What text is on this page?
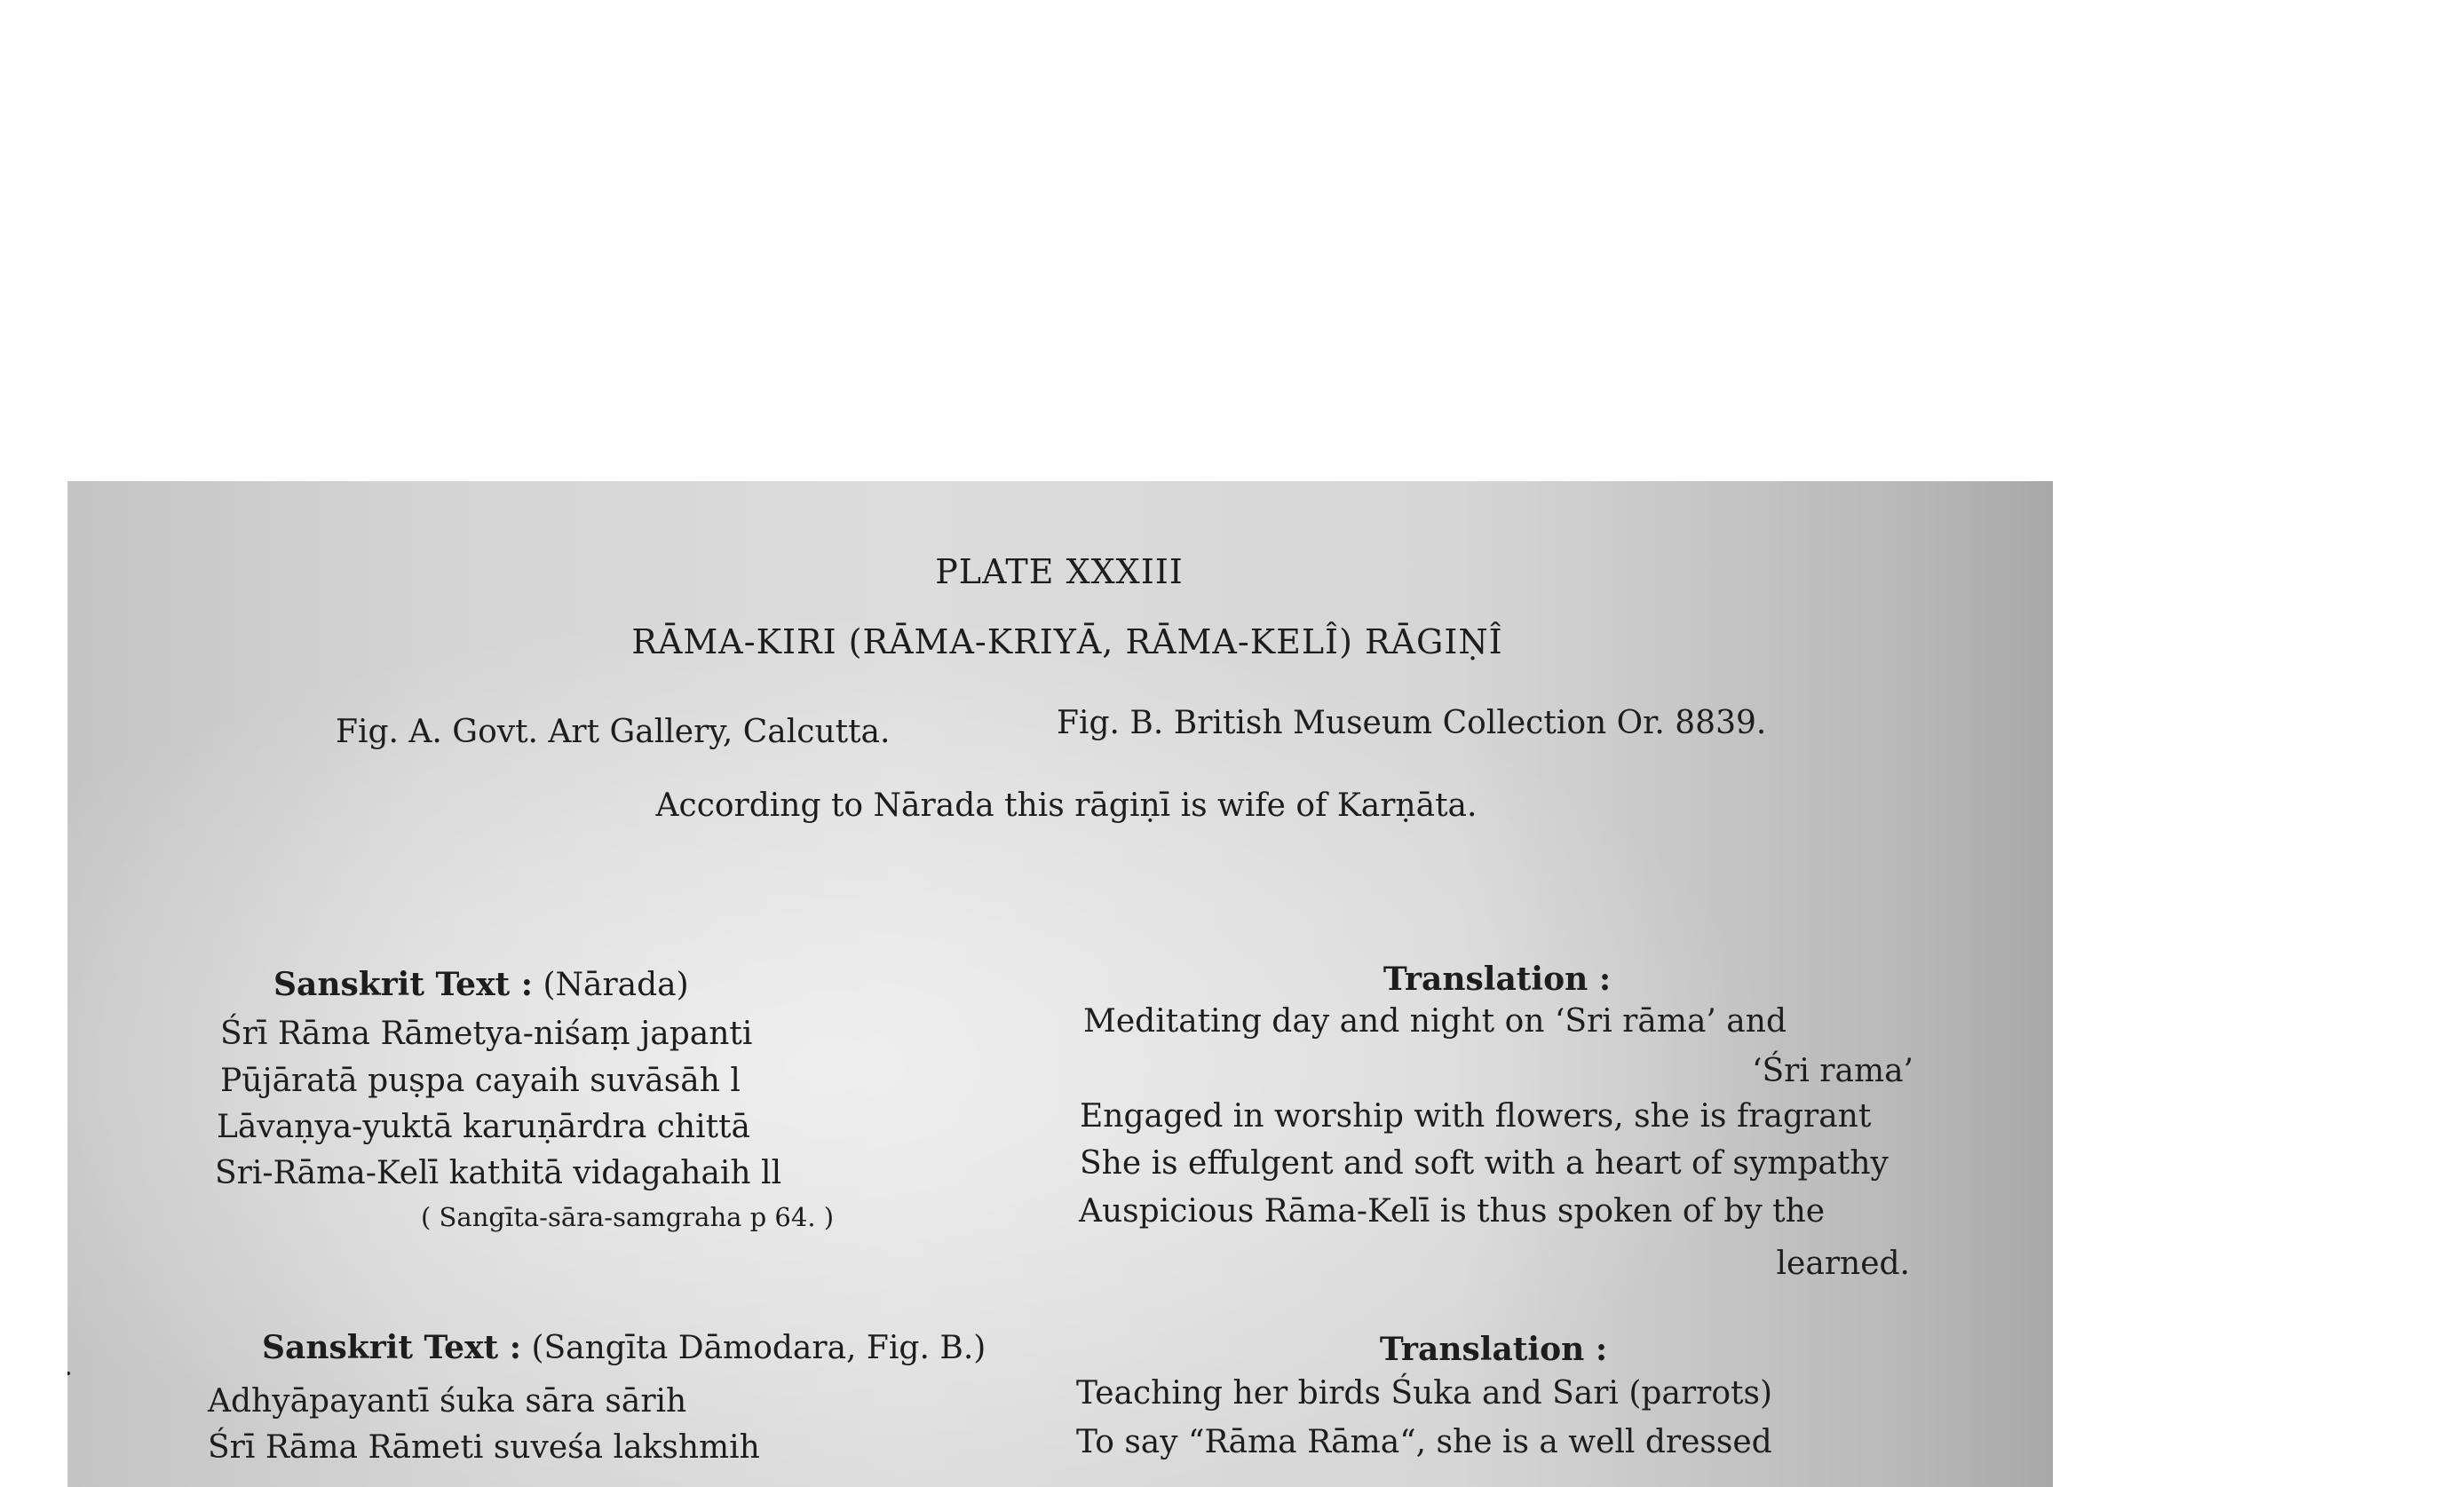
PLATE XXXIII
RĀMA-KIRI (RĀMA-KRIYĀ, RĀMA-KELÎ) RĀGIṆÎ
Fig. A. Govt. Art Gallery, Calcutta.	Fig. B. British Museum Collection Or. 8839.
According to Nārada this rāgiṇī is wife of Karṇāta.
Sanskrit Text : (Nārada)
Śrī Rāma Rāmetya-niśaṃ japanti
Pūjāratā puṣpa cayaih suvāsāh l
Lāvaṇya-yuktā karuṇārdra chittā
Sri-Rāma-Kelī kathitā vidagahaih ll
( Sangīta-sāra-samgraha p 64. )
Translation :
Meditating day and night on ‘Sri rāma’ and
‘Śri rama’
Engaged in worship with flowers, she is fragrant
She is effulgent and soft with a heart of sympathy
Auspicious Rāma-Kelī is thus spoken of by the
learned.
Sanskrit Text : (Sangīta Dāmodara, Fig. B.)
Adhyāpayantī śuka sāra sārih
Śrī Rāma Rāmeti suveśa lakshmih
Translation :
Teaching her birds Śuka and Sari (parrots)
To say “Rāma Rāma“, she is a well dressed
